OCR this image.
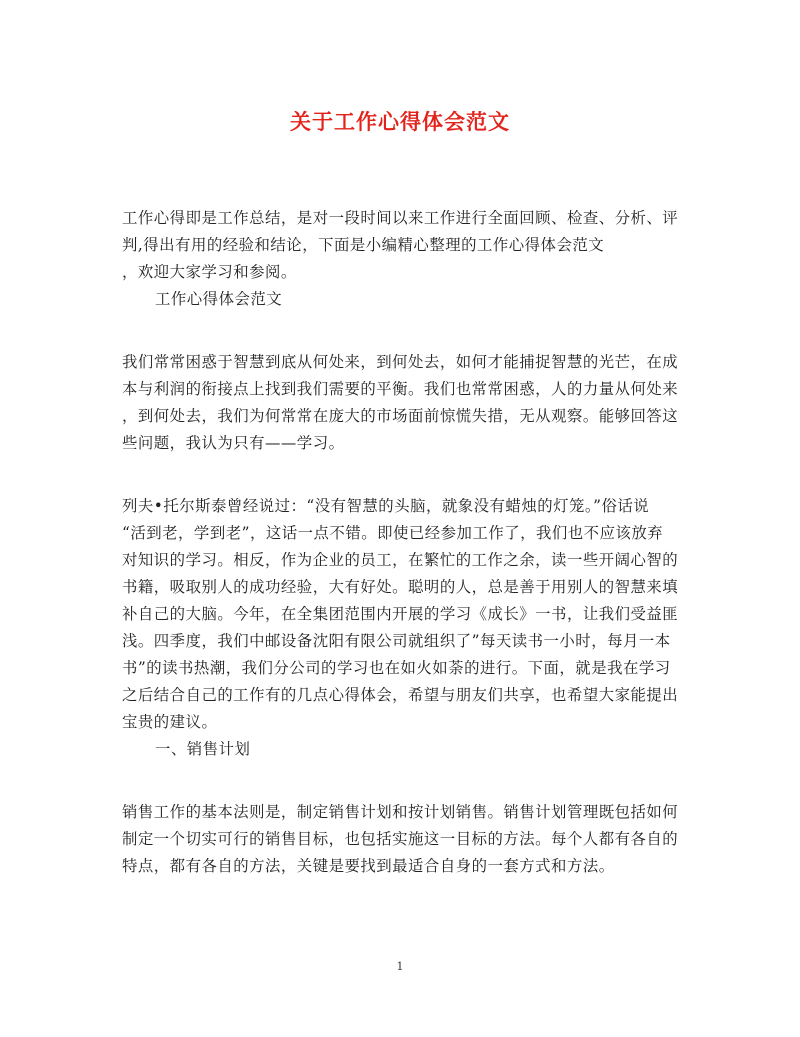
关于工作心得体会范文

工作心得即是工作总结，是对一段时间以来工作进行全面回顾、检查、分析、评
判,得出有用的经验和结论，下面是小编精心整理的工作心得体会范文
，欢迎大家学习和参阅。

工作心得体会范文

我们常常困惑于智慧到底从何处来，到何处去，如何才能捕捉智慧的光芒，在成
本与利润的衔接点上找到我们需要的平衡。我们也常常困惑，人的力量从何处来
，到何处去，我们为何常常在庞大的市场面前惊慌失措，无从观察。能够回答这
些问题，我认为只有——学习。

列夫•托尔斯泰曾经说过：“没有智慧的头脑，就象没有蜡烛的灯笼。”俗话说
“活到老，学到老”，这话一点不错。即使已经参加工作了，我们也不应该放弃
对知识的学习。相反，作为企业的员工，在繁忙的工作之余，读一些开阔心智的
书籍，吸取别人的成功经验，大有好处。聪明的人，总是善于用别人的智慧来填
补自己的大脑。今年，在全集团范围内开展的学习《成长》一书，让我们受益匪
浅。四季度，我们中邮设备沈阳有限公司就组织了”每天读书一小时，每月一本
书”的读书热潮，我们分公司的学习也在如火如荼的进行。下面，就是我在学习
之后结合自己的工作有的几点心得体会，希望与朋友们共享，也希望大家能提出
宝贵的建议。

一、销售计划

销售工作的基本法则是，制定销售计划和按计划销售。销售计划管理既包括如何
制定一个切实可行的销售目标，也包括实施这一目标的方法。每个人都有各自的
特点，都有各自的方法，关键是要找到最适合自身的一套方式和方法。

1
